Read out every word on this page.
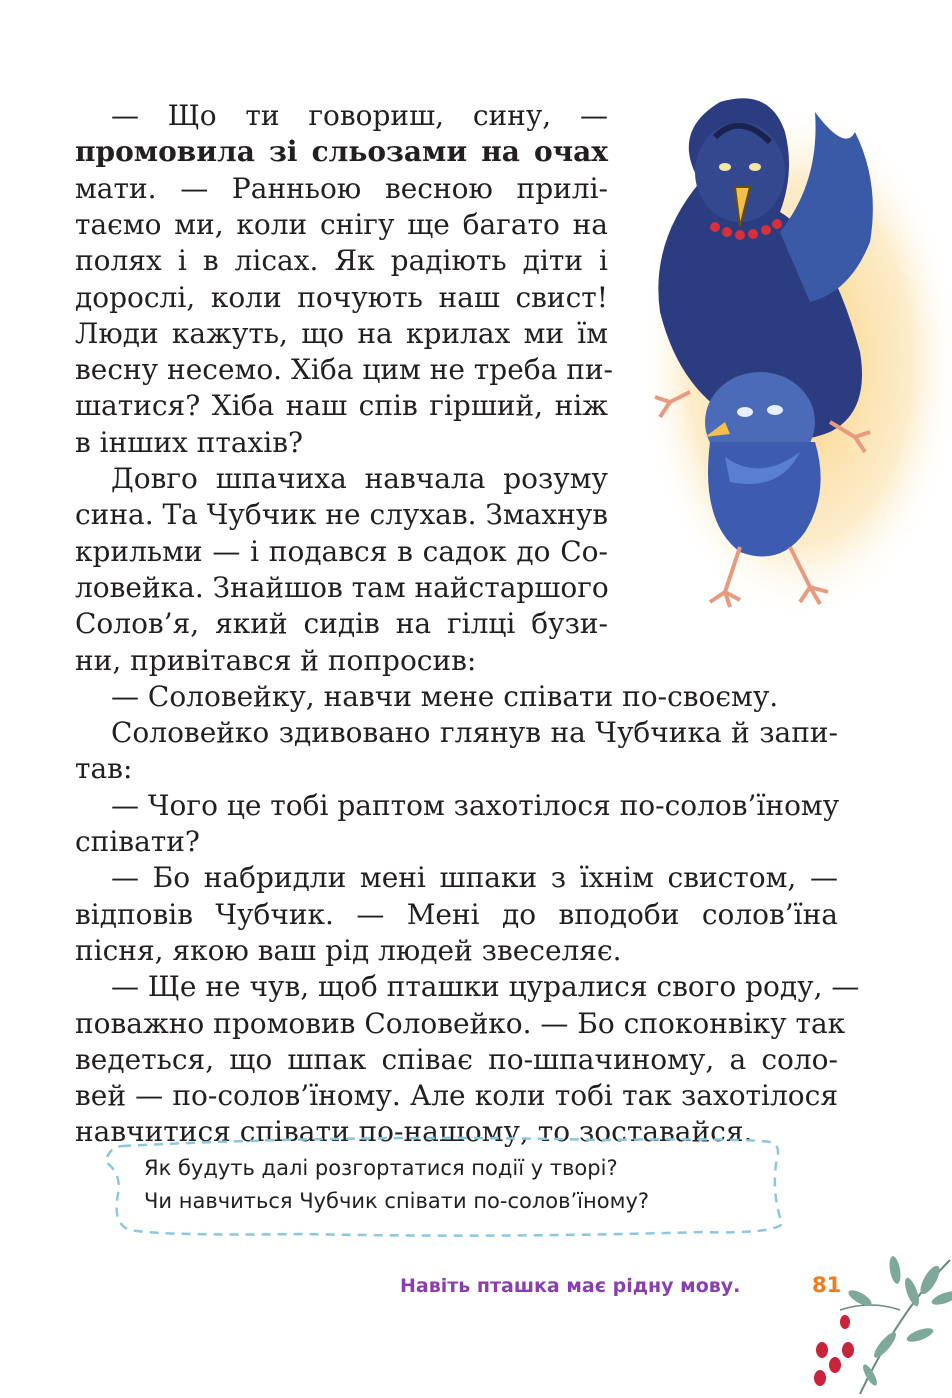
— Що ти говориш, сину, —
промовила зі сльозами на очах
мати. — Ранньою весною прилі-
таємо ми, коли снігу ще багато на
полях і в лісах. Як радіють діти і
дорослі, коли почують наш свист!
Люди кажуть, що на крилах ми їм
весну несемо. Хіба цим не треба пи-
шатися? Хіба наш спів гірший, ніж
в інших птахів?
Довго шпачиха навчала розуму
сина. Та Чубчик не слухав. Змахнув
крильми — і подався в садок до Со-
ловейка. Знайшов там найстаршого
Солов’я, який сидів на гілці бузи-
ни, привітався й попросив:
— Соловейку, навчи мене співати по-своєму.
Соловейко здивовано глянув на Чубчика й запи-
тав:
— Чого це тобі раптом захотілося по-солов’їному
співати?
— Бо набридли мені шпаки з їхнім свистом, —
відповів Чубчик. — Мені до вподоби солов’їна
пісня, якою ваш рід людей звеселяє.
— Ще не чув, щоб пташки цуралися свого роду, —
поважно промовив Соловейко. — Бо споконвіку так
ведеться, що шпак співає по-шпачиному, а соло-
вей — по-солов’їному. Але коли тобі так захотілося
навчитися співати по-нашому, то зоставайся.
Як будуть далі розгортатися події у творі?
Чи навчиться Чубчик співати по-солов’їному?
Навіть пташка має рідну мову.	81
